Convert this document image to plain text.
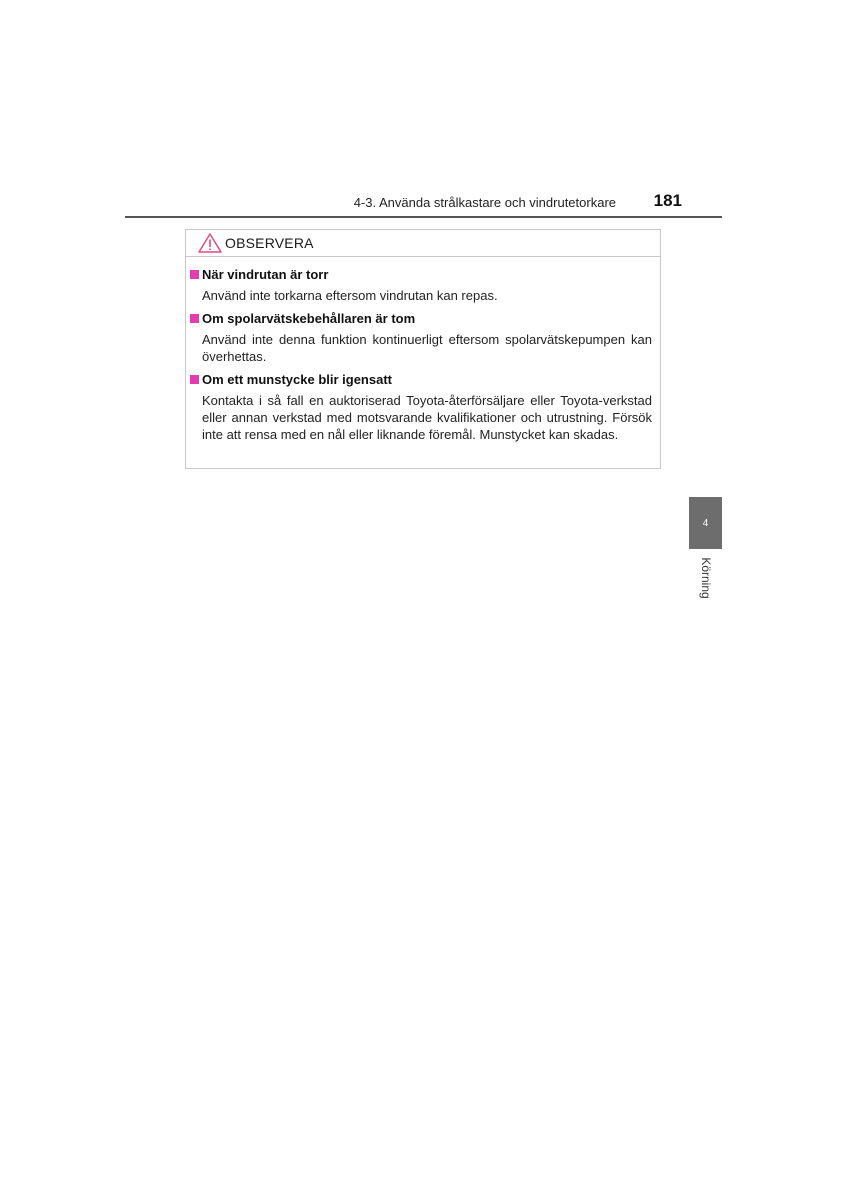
4-3. Använda strålkastare och vindrutetorkare 181
OBSERVERA
När vindrutan är torr
Använd inte torkarna eftersom vindrutan kan repas.
Om spolarvätskebehållaren är tom
Använd inte denna funktion kontinuerligt eftersom spolarvätskepumpen kan överhettas.
Om ett munstycke blir igensatt
Kontakta i så fall en auktoriserad Toyota-återförsäljare eller Toyota-verkstad eller annan verkstad med motsvarande kvalifikationer och utrustning. Försök inte att rensa med en nål eller liknande föremål. Munstycket kan skadas.
4
Körning
